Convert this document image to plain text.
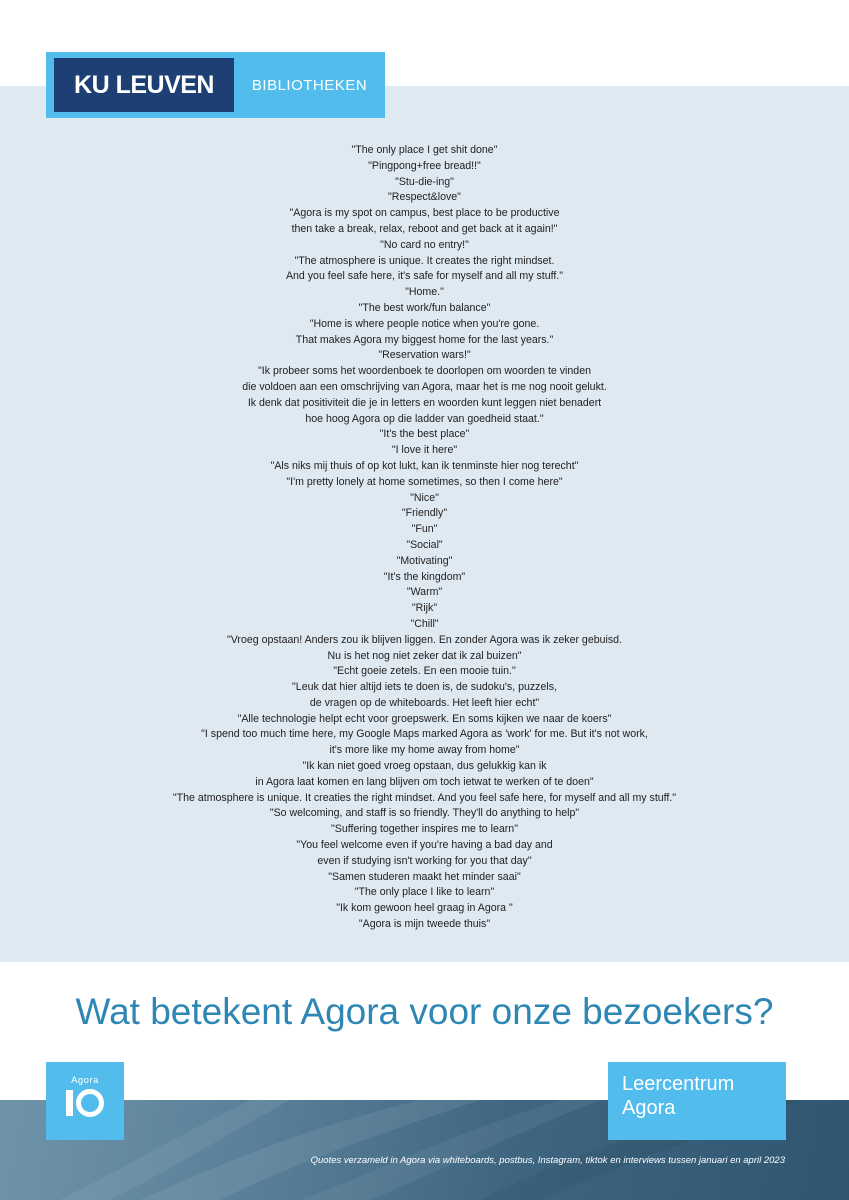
KU LEUVEN	BIBLIOTHEKEN
"The only place I get shit done"
"Pingpong+free bread!!"
"Stu-die-ing"
"Respect&love"
"Agora is my spot on campus, best place to be productive
then take a break, relax, reboot and get back at it again!"
"No card no entry!"
"The atmosphere is unique. It creates the right mindset.
And you feel safe here, it's safe for myself and all my stuff."
"Home."
"The best work/fun balance"
"Home is where people notice when you're gone.
That makes Agora my biggest home for the last years."
"Reservation wars!"
"Ik probeer soms het woordenboek te doorlopen om woorden te vinden
die voldoen aan een omschrijving van Agora, maar het is me nog nooit gelukt.
Ik denk dat positiviteit die je in letters en woorden kunt leggen niet benadert
hoe hoog Agora op die ladder van goedheid staat."
"It's the best place"
"I love it here"
"Als niks mij thuis of op kot lukt, kan ik tenminste hier nog terecht"
"I'm pretty lonely at home sometimes, so then I come here"
"Nice"
"Friendly"
"Fun"
"Social"
"Motivating"
"It's the kingdom"
"Warm"
"Rijk"
"Chill"
"Vroeg opstaan! Anders zou ik blijven liggen. En zonder Agora was ik zeker gebuisd.
Nu is het nog niet zeker dat ik zal buizen"
"Echt goeie zetels. En een mooie tuin."
"Leuk dat hier altijd iets te doen is, de sudoku's, puzzels,
de vragen op de whiteboards. Het leeft hier echt"
"Alle technologie helpt echt voor groepswerk. En soms kijken we naar de koers"
"I spend too much time here, my Google Maps marked Agora as 'work' for me. But it's not work,
it's more like my home away from home"
"Ik kan niet goed vroeg opstaan, dus gelukkig kan ik
in Agora laat komen en lang blijven om toch ietwat te werken of te doen"
"The atmosphere is unique. It creaties the right mindset. And you feel safe here, for myself and all my stuff."
"So welcoming, and staff is so friendly. They'll do anything to help"
"Suffering together inspires me to learn"
"You feel welcome even if you're having a bad day and
even if studying isn't working for you that day"
"Samen studeren maakt het minder saai"
"The only place I like to learn"
"Ik kom gewoon heel graag in Agora "
"Agora is mijn tweede thuis"
Wat betekent Agora voor onze bezoekers?
Agora	Leercentrum
Agora
Quotes verzameld in Agora via whiteboards, postbus, Instagram, tiktok en interviews tussen januari en april 2023
